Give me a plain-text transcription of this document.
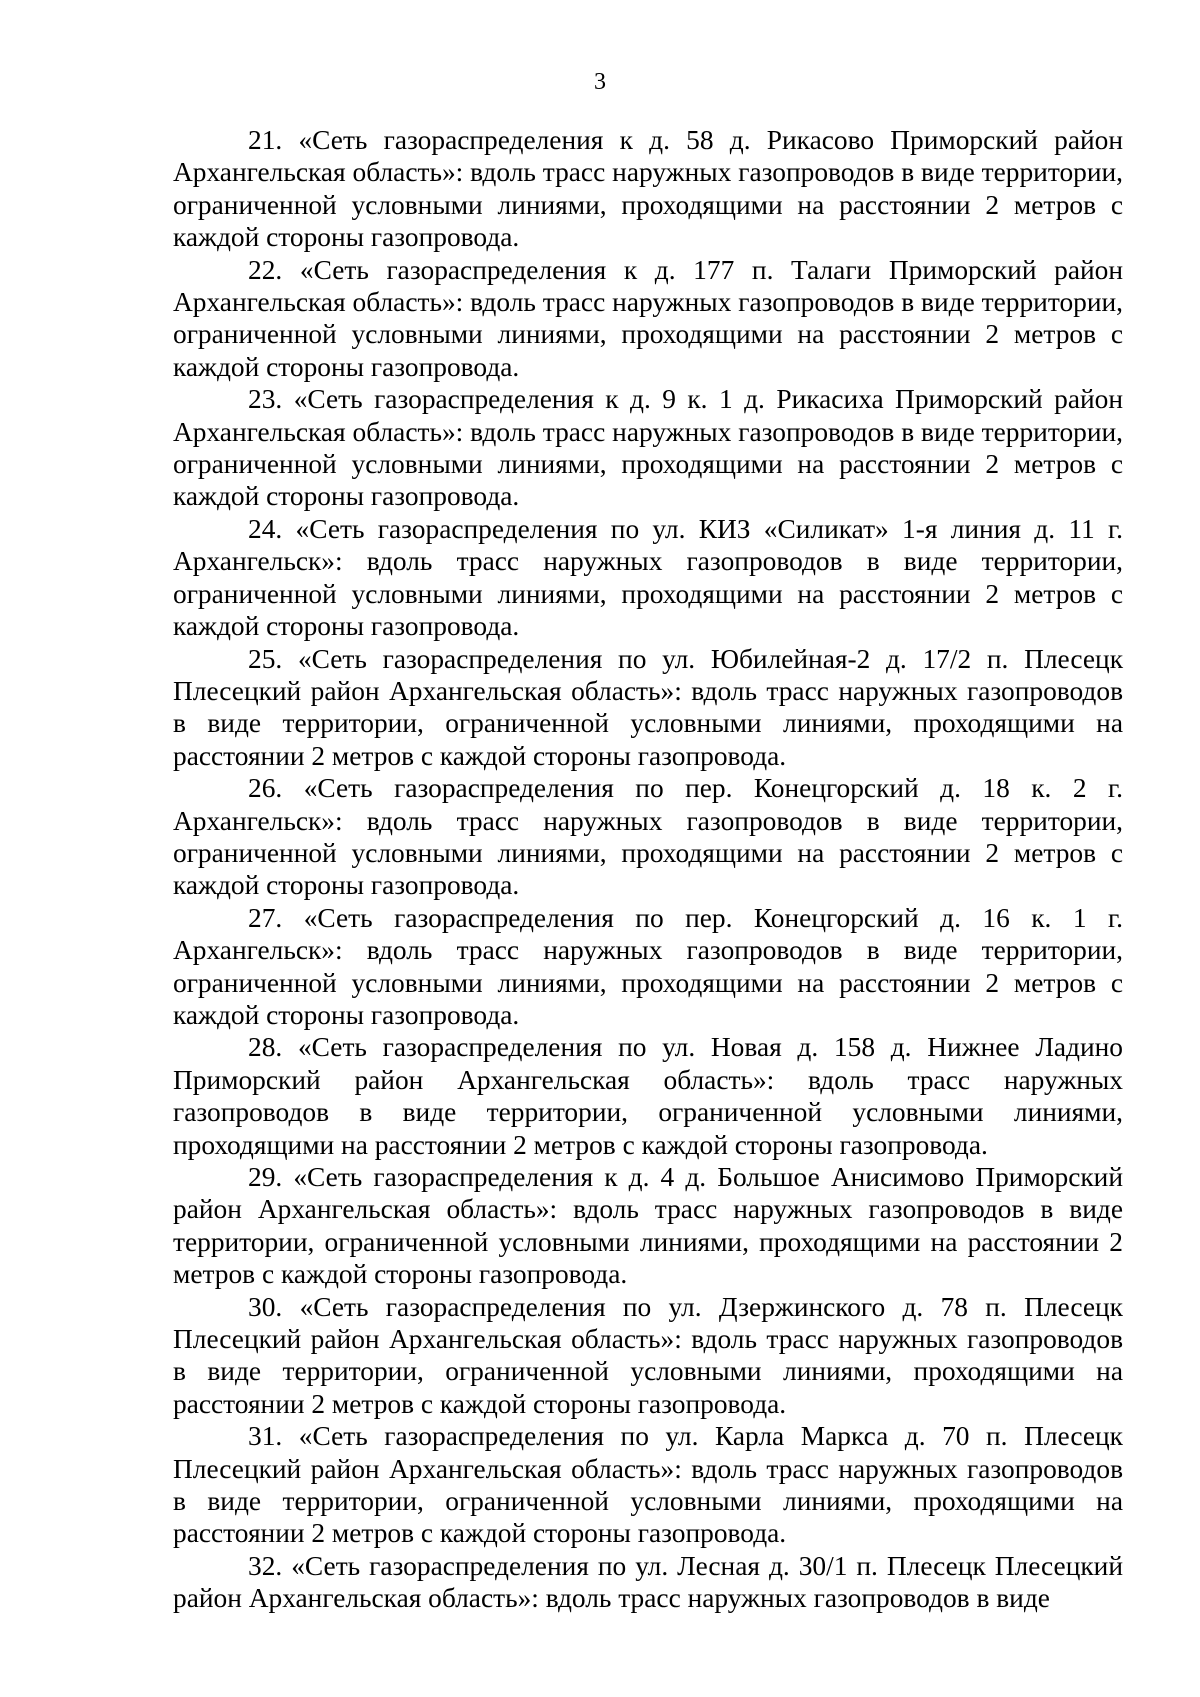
3

21. «Сеть газораспределения к д. 58 д. Рикасово Приморский район Архангельская область»: вдоль трасс наружных газопроводов в виде территории, ограниченной условными линиями, проходящими на расстоянии 2 метров с каждой стороны газопровода.

22. «Сеть газораспределения к д. 177 п. Талаги Приморский район Архангельская область»: вдоль трасс наружных газопроводов в виде территории, ограниченной условными линиями, проходящими на расстоянии 2 метров с каждой стороны газопровода.

23. «Сеть газораспределения к д. 9 к. 1 д. Рикасиха Приморский район Архангельская область»: вдоль трасс наружных газопроводов в виде территории, ограниченной условными линиями, проходящими на расстоянии 2 метров с каждой стороны газопровода.

24. «Сеть газораспределения по ул. КИЗ «Силикат» 1-я линия д. 11 г. Архангельск»: вдоль трасс наружных газопроводов в виде территории, ограниченной условными линиями, проходящими на расстоянии 2 метров с каждой стороны газопровода.

25. «Сеть газораспределения по ул. Юбилейная-2 д. 17/2 п. Плесецк Плесецкий район Архангельская область»: вдоль трасс наружных газопроводов в виде территории, ограниченной условными линиями, проходящими на расстоянии 2 метров с каждой стороны газопровода.

26. «Сеть газораспределения по пер. Конецгорский д. 18 к. 2 г. Архангельск»: вдоль трасс наружных газопроводов в виде территории, ограниченной условными линиями, проходящими на расстоянии 2 метров с каждой стороны газопровода.

27. «Сеть газораспределения по пер. Конецгорский д. 16 к. 1 г. Архангельск»: вдоль трасс наружных газопроводов в виде территории, ограниченной условными линиями, проходящими на расстоянии 2 метров с каждой стороны газопровода.

28. «Сеть газораспределения по ул. Новая д. 158 д. Нижнее Ладино Приморский район Архангельская область»: вдоль трасс наружных газопроводов в виде территории, ограниченной условными линиями, проходящими на расстоянии 2 метров с каждой стороны газопровода.

29. «Сеть газораспределения к д. 4 д. Большое Анисимово Приморский район Архангельская область»: вдоль трасс наружных газопроводов в виде территории, ограниченной условными линиями, проходящими на расстоянии 2 метров с каждой стороны газопровода.

30. «Сеть газораспределения по ул. Дзержинского д. 78 п. Плесецк Плесецкий район Архангельская область»: вдоль трасс наружных газопроводов в виде территории, ограниченной условными линиями, проходящими на расстоянии 2 метров с каждой стороны газопровода.

31. «Сеть газораспределения по ул. Карла Маркса д. 70 п. Плесецк Плесецкий район Архангельская область»: вдоль трасс наружных газопроводов в виде территории, ограниченной условными линиями, проходящими на расстоянии 2 метров с каждой стороны газопровода.

32. «Сеть газораспределения по ул. Лесная д. 30/1 п. Плесецк Плесецкий район Архангельская область»: вдоль трасс наружных газопроводов в виде
